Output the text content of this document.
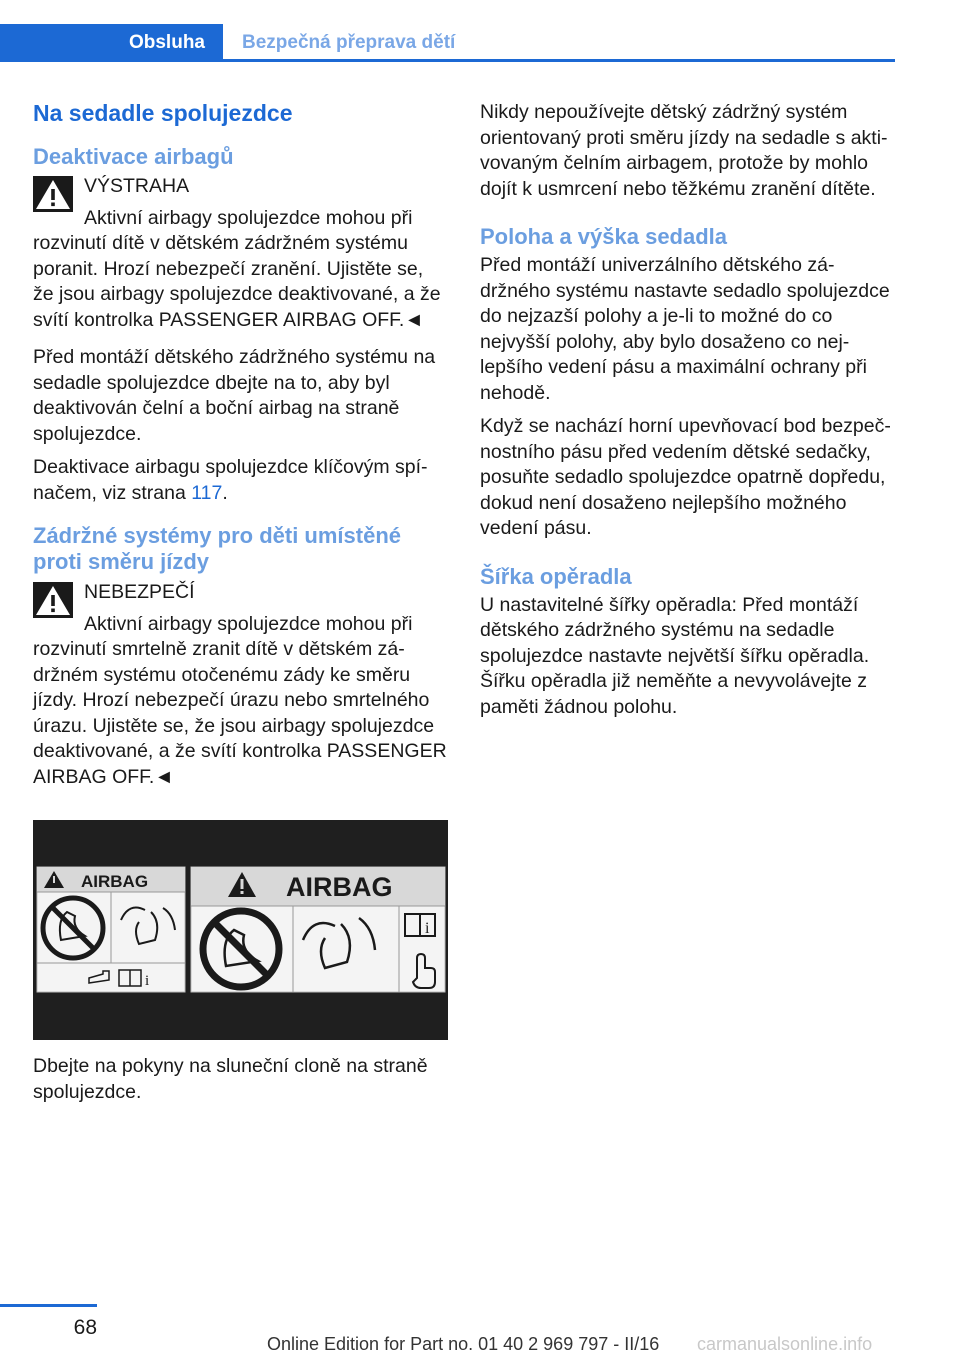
Obsluha	Bezpečná přeprava dětí
Na sedadle spolujezdce
Deaktivace airbagů
VÝSTRAHA
Aktivní airbagy spolujezdce mohou při
rozvinutí dítě v dětském zádržném systému poranit. Hrozí nebezpečí zranění. Ujistěte se, že jsou airbagy spolujezdce deaktivované, a že svítí kontrolka PASSENGER AIRBAG OFF.◄

Před montáží dětského zádržného systému na sedadle spolujezdce dbejte na to, aby byl deaktivován čelní a boční airbag na straně spolujezdce.

Deaktivace airbagu spolujezdce klíčovým spínačem, viz strana 117.

Zádržné systémy pro děti umístěné proti směru jízdy
NEBEZPEČÍ
Aktivní airbagy spolujezdce mohou při
rozvinutí smrtelně zranit dítě v dětském zádržném systému otočenému zády ke směru jízdy. Hrozí nebezpečí úrazu nebo smrtelného úrazu. Ujistěte se, že jsou airbagy spolujezdce deaktivované, a že svítí kontrolka PASSENGER AIRBAG OFF.◄
AIRBAG
i
AIRBAG
i

Dbejte na pokyny na sluneční cloně na straně spolujezdce.

Nikdy nepoužívejte dětský zádržný systém orientovaný proti směru jízdy na sedadle s aktivovaným čelním airbagem, protože by mohlo dojít k usmrcení nebo těžkému zranění dítěte.

Poloha a výška sedadla

Před montáží univerzálního dětského zádržného systému nastavte sedadlo spolujezdce do nejzazší polohy a je-li to možné do co nejvyšší polohy, aby bylo dosaženo co nejlepšího vedení pásu a maximální ochrany při nehodě.

Když se nachází horní upevňovací bod bezpečnostního pásu před vedením dětské sedačky, posuňte sedadlo spolujezdce opatrně dopředu, dokud není dosaženo nejlepšího možného vedení pásu.

Šířka opěradla

U nastavitelné šířky opěradla: Před montáží dětského zádržného systému na sedadle spolujezdce nastavte největší šířku opěradla. Šířku opěradla již neměňte a nevyvolávejte z paměti žádnou polohu.

68
Online Edition for Part no. 01 40 2 969 797 - II/16 carmanualsonline.info
